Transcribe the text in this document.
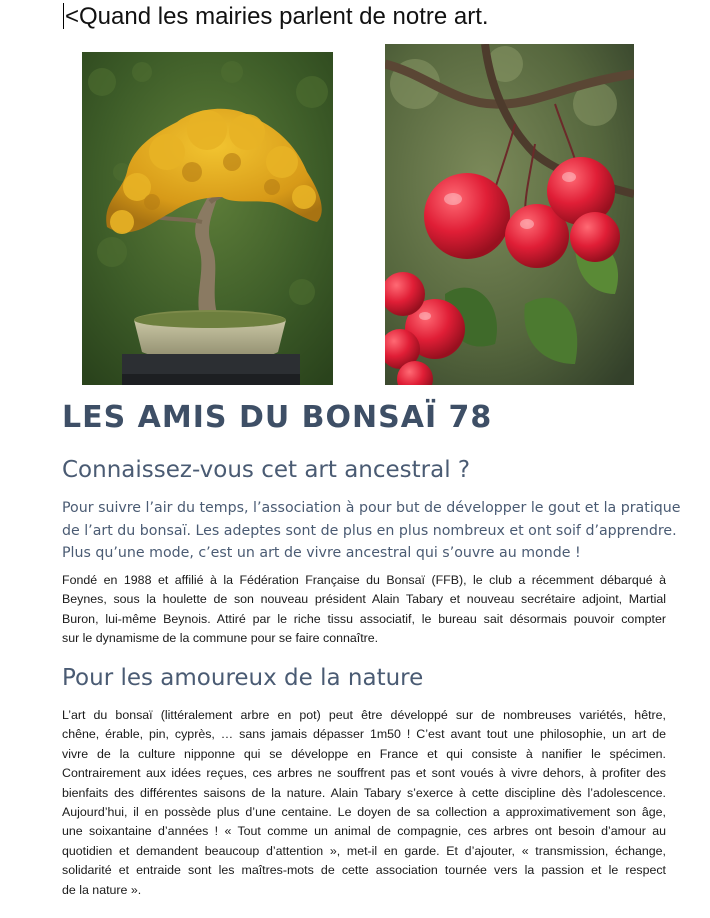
<Quand les mairies parlent de notre art.
LES AMIS DU BONSAÏ 78
Connaissez-vous cet art ancestral ?
Pour suivre l’air du temps, l’association à pour but de développer le gout et la pratique
de l’art du bonsaï. Les adeptes sont de plus en plus nombreux et ont soif d’apprendre.
Plus qu’une mode, c’est un art de vivre ancestral qui s’ouvre au monde !
Fondé en 1988 et affilié à la Fédération Française du Bonsaï (FFB), le club a récemment débarqué à
Beynes, sous la houlette de son nouveau président Alain Tabary et nouveau secrétaire adjoint, Martial
Buron, lui-même Beynois. Attiré par le riche tissu associatif, le bureau sait désormais pouvoir compter
sur le dynamisme de la commune pour se faire connaître.
Pour les amoureux de la nature
L’art du bonsaï (littéralement arbre en pot) peut être développé sur de nombreuses variétés, hêtre,
chêne, érable, pin, cyprès, … sans jamais dépasser 1m50 ! C’est avant tout une philosophie, un art de
vivre de la culture nipponne qui se développe en France et qui consiste à nanifier le spécimen.
Contrairement aux idées reçues, ces arbres ne souffrent pas et sont voués à vivre dehors, à profiter des
bienfaits des différentes saisons de la nature. Alain Tabary s’exerce à cette discipline dès l’adolescence.
Aujourd’hui, il en possède plus d’une centaine. Le doyen de sa collection a approximativement son âge,
une soixantaine d’années ! « Tout comme un animal de compagnie, ces arbres ont besoin d’amour au
quotidien et demandent beaucoup d’attention », met-il en garde. Et d’ajouter, « transmission, échange,
solidarité et entraide sont les maîtres-mots de cette association tournée vers la passion et le respect
de la nature ».
